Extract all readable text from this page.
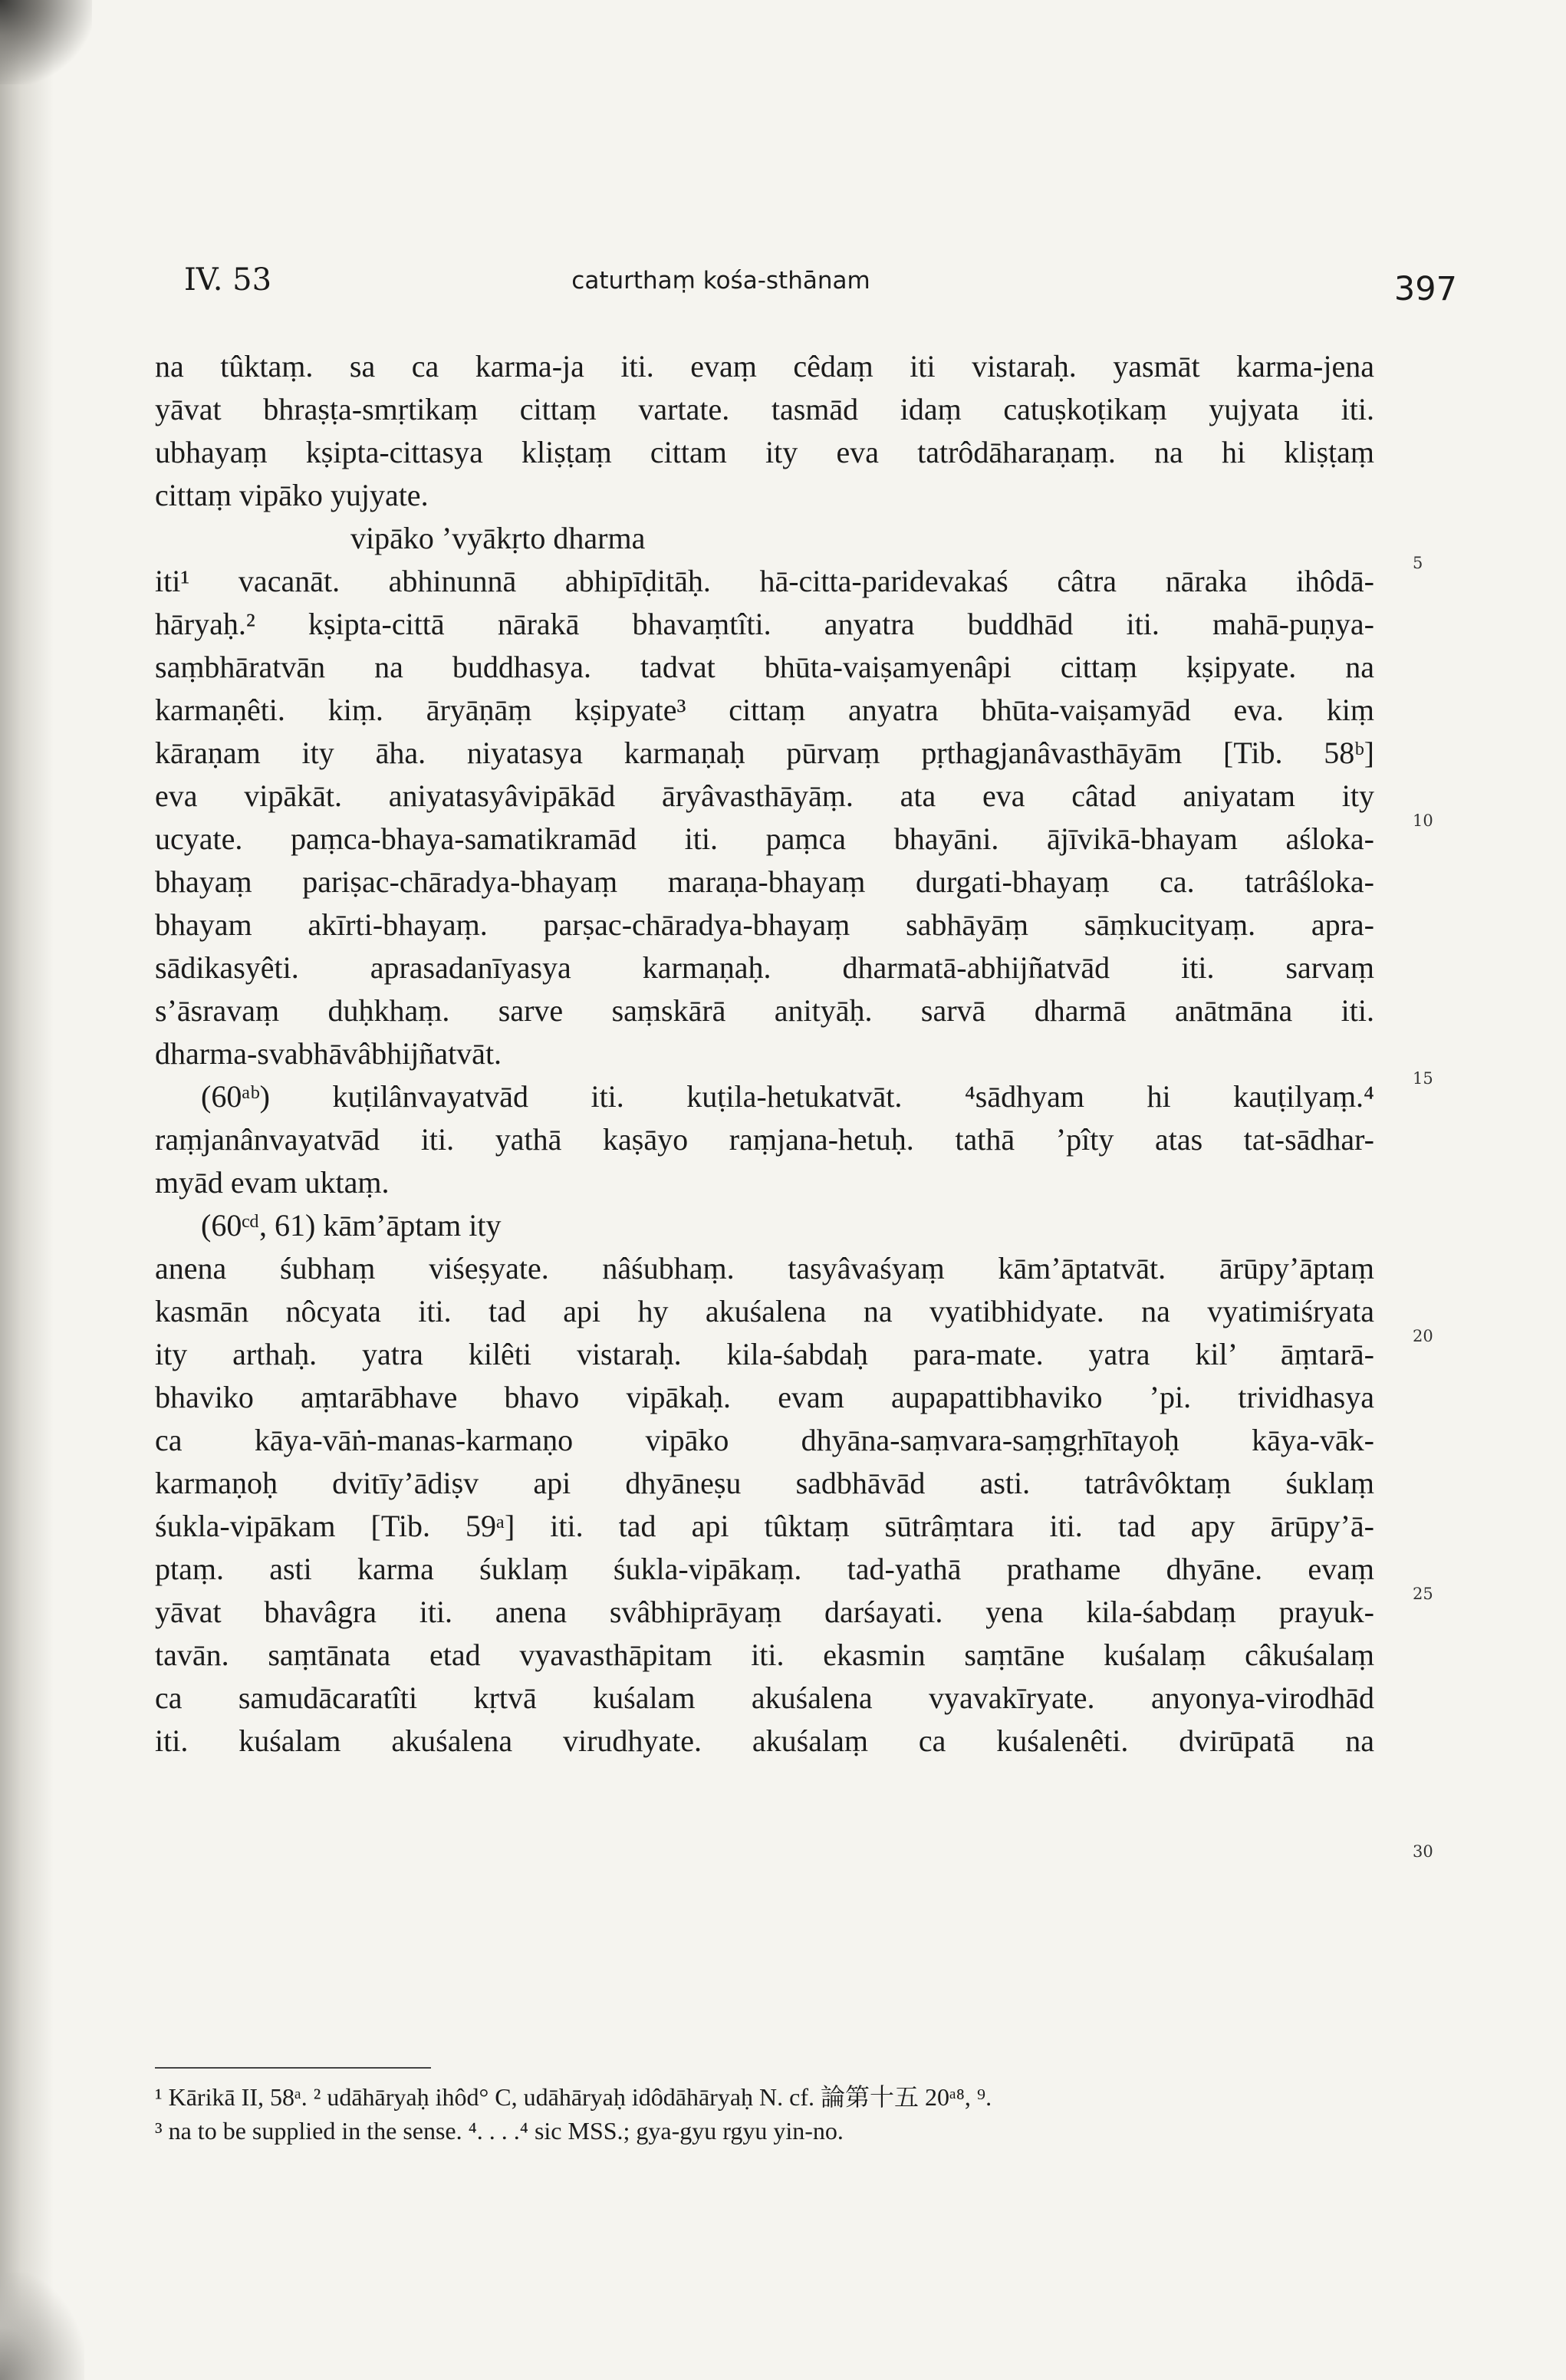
IV. 53	caturthaṃ kośa-sthānam	397
na tûktaṃ. sa ca karma-ja iti. evaṃ cêdaṃ iti vistaraḥ. yasmāt karma-jena
yāvat bhraṣṭa-smṛtikaṃ cittaṃ vartate. tasmād idaṃ catuṣkoṭikaṃ yujyata iti.
ubhayaṃ kṣipta-cittasya kliṣṭaṃ cittam ity eva tatrôdāharaṇaṃ. na hi kliṣṭaṃ
cittaṃ vipāko yujyate.
vipāko ’vyākṛto dharma
iti¹ vacanāt. abhinunnā abhipīḍitāḥ. hā-citta-paridevakaś câtra nāraka ihôdā-
hāryaḥ.² kṣipta-cittā nārakā bhavaṃtîti. anyatra buddhād iti. mahā-puṇya-
saṃbhāratvān na buddhasya. tadvat bhūta-vaiṣamyenâpi cittaṃ kṣipyate. na
karmaṇêti. kiṃ. āryāṇāṃ kṣipyate³ cittaṃ anyatra bhūta-vaiṣamyād eva. kiṃ
kāraṇam ity āha. niyatasya karmaṇaḥ pūrvaṃ pṛthagjanâvasthāyām [Tib. 58ᵇ]
eva vipākāt. aniyatasyâvipākād āryâvasthāyāṃ. ata eva câtad aniyatam ity
ucyate. paṃca-bhaya-samatikramād iti. paṃca bhayāni. ājīvikā-bhayam aśloka-
bhayaṃ pariṣac-chāradya-bhayaṃ maraṇa-bhayaṃ durgati-bhayaṃ ca. tatrâśloka-
bhayam akīrti-bhayaṃ. parṣac-chāradya-bhayaṃ sabhāyāṃ sāṃkucityaṃ. apra-
sādikasyêti. aprasadanīyasya karmaṇaḥ. dharmatā-abhijñatvād iti. sarvaṃ
s’āsravaṃ duḥkhaṃ. sarve saṃskārā anityāḥ. sarvā dharmā anātmāna iti.
dharma-svabhāvâbhijñatvāt.
(60ᵃᵇ) kuṭilânvayatvād iti. kuṭila-hetukatvāt. ⁴sādhyam hi kauṭilyaṃ.⁴
raṃjanânvayatvād iti. yathā kaṣāyo raṃjana-hetuḥ. tathā ’pîty atas tat-sādhar-
myād evam uktaṃ.
(60ᶜᵈ, 61) kām’āptam ity
anena śubhaṃ viśeṣyate. nâśubhaṃ. tasyâvaśyaṃ kām’āptatvāt. ārūpy’āptaṃ
kasmān nôcyata iti. tad api hy akuśalena na vyatibhidyate. na vyatimiśryata
ity arthaḥ. yatra kilêti vistaraḥ. kila-śabdaḥ para-mate. yatra kil’ āṃtarā-
bhaviko aṃtarābhave bhavo vipākaḥ. evam aupapattibhaviko ’pi. trividhasya
ca kāya-vāṅ-manas-karmaṇo vipāko dhyāna-saṃvara-saṃgṛhītayoḥ kāya-vāk-
karmaṇoḥ dvitīy’ādiṣv api dhyāneṣu sadbhāvād asti. tatrâvôktaṃ śuklaṃ
śukla-vipākam [Tib. 59ᵃ] iti. tad api tûktaṃ sūtrâṃtara iti. tad apy ārūpy’ā-
ptaṃ. asti karma śuklaṃ śukla-vipākaṃ. tad-yathā prathame dhyāne. evaṃ
yāvat bhavâgra iti. anena svâbhiprāyaṃ darśayati. yena kila-śabdaṃ prayuk-
tavān. saṃtānata etad vyavasthāpitam iti. ekasmin saṃtāne kuśalaṃ câkuśalaṃ
ca samudācaratîti kṛtvā kuśalam akuśalena vyavakīryate. anyonya-virodhād
iti. kuśalam akuśalena virudhyate. akuśalaṃ ca kuśalenêti. dvirūpatā na
5
10
15
20
25
30
¹ Kārikā II, 58ᵃ. ² udāhāryaḥ ihôd° C, udāhāryaḥ idôdāhāryaḥ N. cf. 論第十五 20ᵃ⁸, ⁹.
³ na to be supplied in the sense. ⁴. . . .⁴ sic MSS.; gya-gyu rgyu yin-no.
